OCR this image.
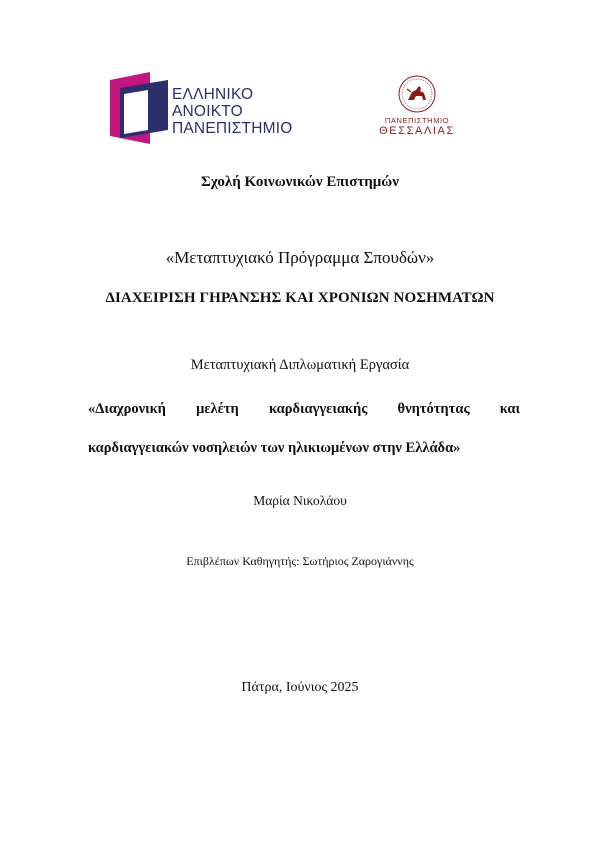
ΕΛΛΗΝΙΚΟ
ΑΝΟΙΚΤΟ
ΠΑΝΕΠΙΣΤΗΜΙΟ	ΠΑΝΕΠΙΣΤΗΜΙΟ
ΘΕΣΣΑΛΙΑΣ
Σχολή Κοινωνικών Επιστημών
«Μεταπτυχιακό Πρόγραμμα Σπουδών»
ΔΙΑΧΕΙΡΙΣΗ ΓΗΡΑΝΣΗΣ ΚΑΙ ΧΡΟΝΙΩΝ ΝΟΣΗΜΑΤΩΝ
Μεταπτυχιακή Διπλωματική Εργασία
«Διαχρονική μελέτη καρδιαγγειακής θνητότητας και
καρδιαγγειακών νοσηλειών των ηλικιωμένων στην Ελλάδα»
Μαρία Νικολάου
Επιβλέπων Καθηγητής: Σωτήριος Ζαρογιάννης
Πάτρα, Ιούνιος 2025
